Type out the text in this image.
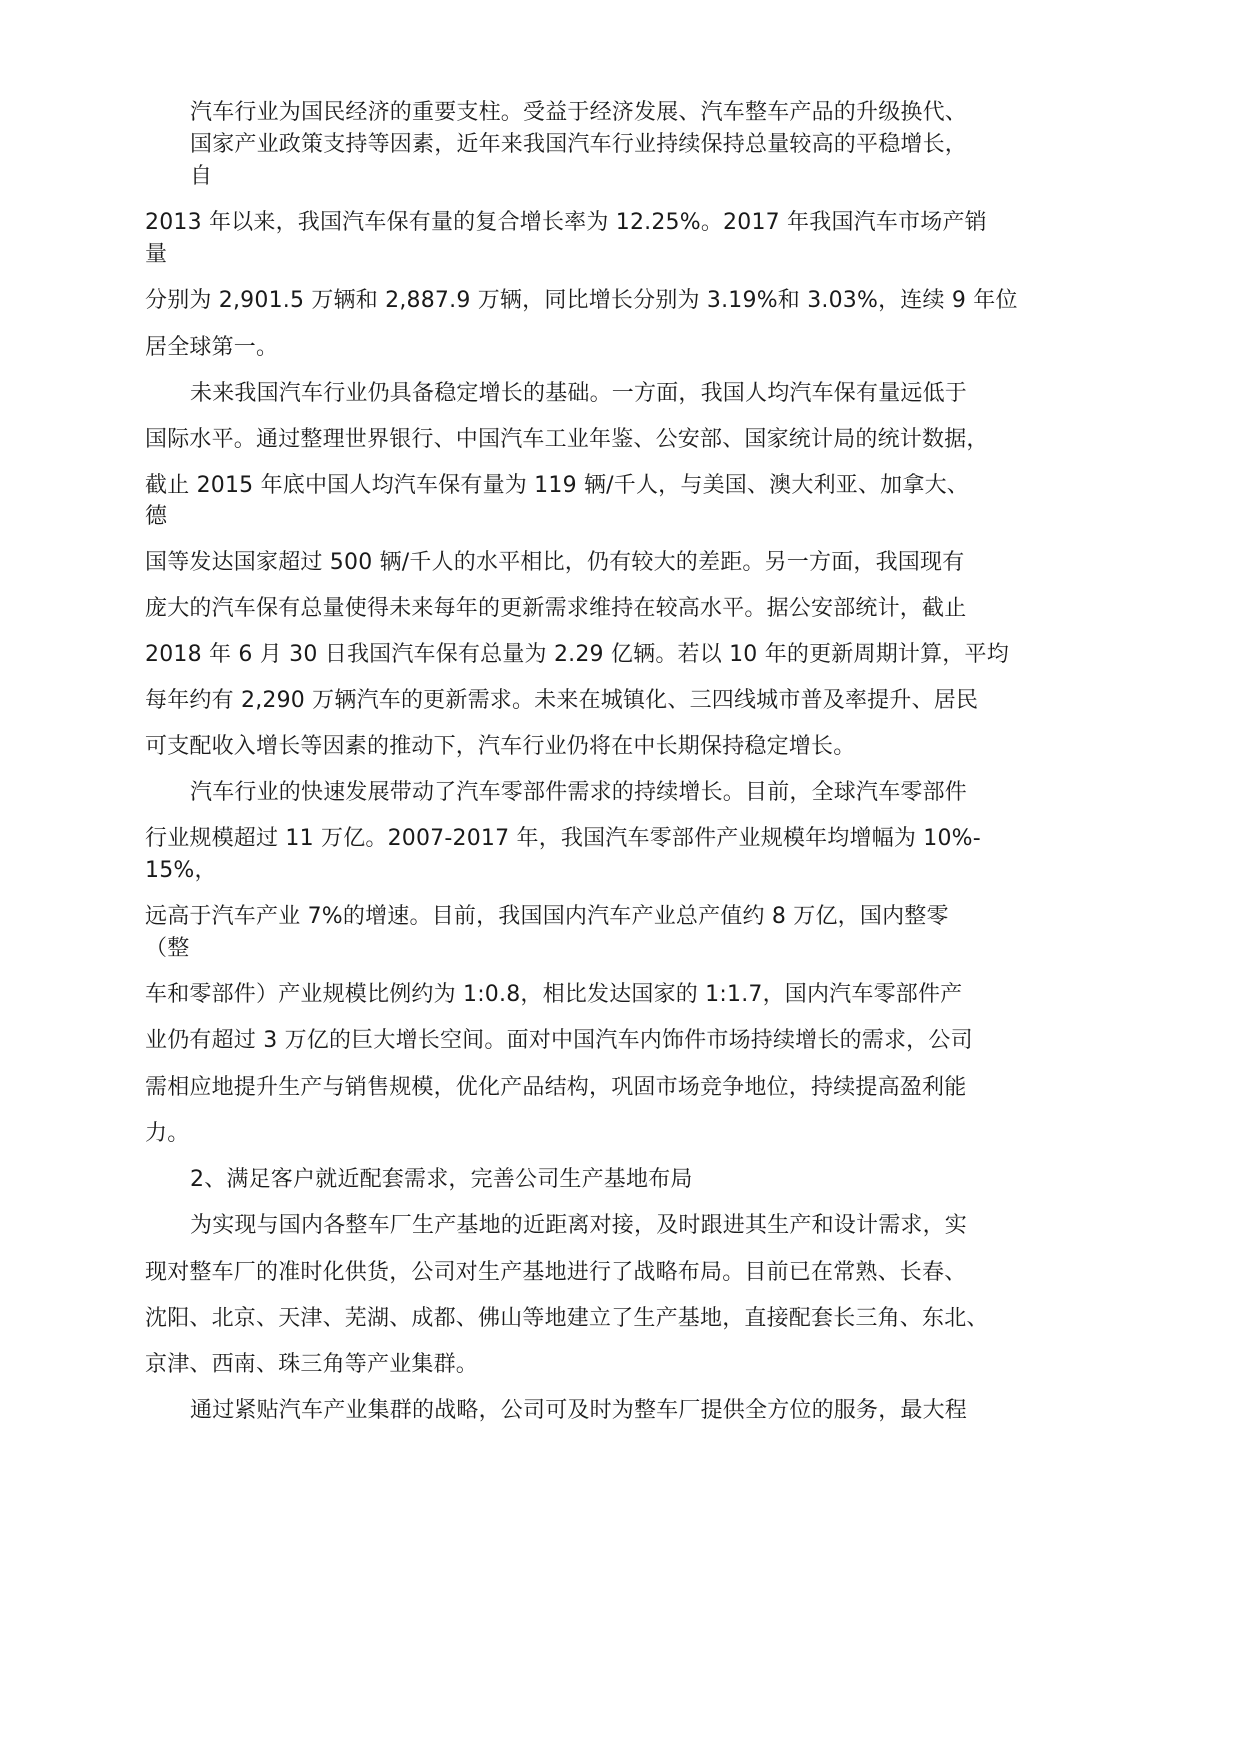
汽车行业为国民经济的重要支柱。受益于经济发展、汽车整车产品的升级换代、
国家产业政策支持等因素，近年来我国汽车行业持续保持总量较高的平稳增长，
自
2013 年以来，我国汽车保有量的复合增长率为 12.25%。2017 年我国汽车市场产销
量
分别为 2,901.5 万辆和 2,887.9 万辆，同比增长分别为 3.19%和 3.03%，连续 9 年位
居全球第一。
未来我国汽车行业仍具备稳定增长的基础。一方面，我国人均汽车保有量远低于
国际水平。通过整理世界银行、中国汽车工业年鉴、公安部、国家统计局的统计数据，
截止 2015 年底中国人均汽车保有量为 119 辆/千人，与美国、澳大利亚、加拿大、
德
国等发达国家超过 500 辆/千人的水平相比，仍有较大的差距。另一方面，我国现有
庞大的汽车保有总量使得未来每年的更新需求维持在较高水平。据公安部统计，截止
2018 年 6 月 30 日我国汽车保有总量为 2.29 亿辆。若以 10 年的更新周期计算，平均
每年约有 2,290 万辆汽车的更新需求。未来在城镇化、三四线城市普及率提升、居民
可支配收入增长等因素的推动下，汽车行业仍将在中长期保持稳定增长。
汽车行业的快速发展带动了汽车零部件需求的持续增长。目前，全球汽车零部件
行业规模超过 11 万亿。2007-2017 年，我国汽车零部件产业规模年均增幅为 10%-
15%，
远高于汽车产业 7%的增速。目前，我国国内汽车产业总产值约 8 万亿，国内整零
（整
车和零部件）产业规模比例约为 1:0.8，相比发达国家的 1:1.7，国内汽车零部件产
业仍有超过 3 万亿的巨大增长空间。面对中国汽车内饰件市场持续增长的需求，公司
需相应地提升生产与销售规模，优化产品结构，巩固市场竞争地位，持续提高盈利能
力。
2、满足客户就近配套需求，完善公司生产基地布局
为实现与国内各整车厂生产基地的近距离对接，及时跟进其生产和设计需求，实
现对整车厂的准时化供货，公司对生产基地进行了战略布局。目前已在常熟、长春、
沈阳、北京、天津、芜湖、成都、佛山等地建立了生产基地，直接配套长三角、东北、
京津、西南、珠三角等产业集群。
通过紧贴汽车产业集群的战略，公司可及时为整车厂提供全方位的服务，最大程
